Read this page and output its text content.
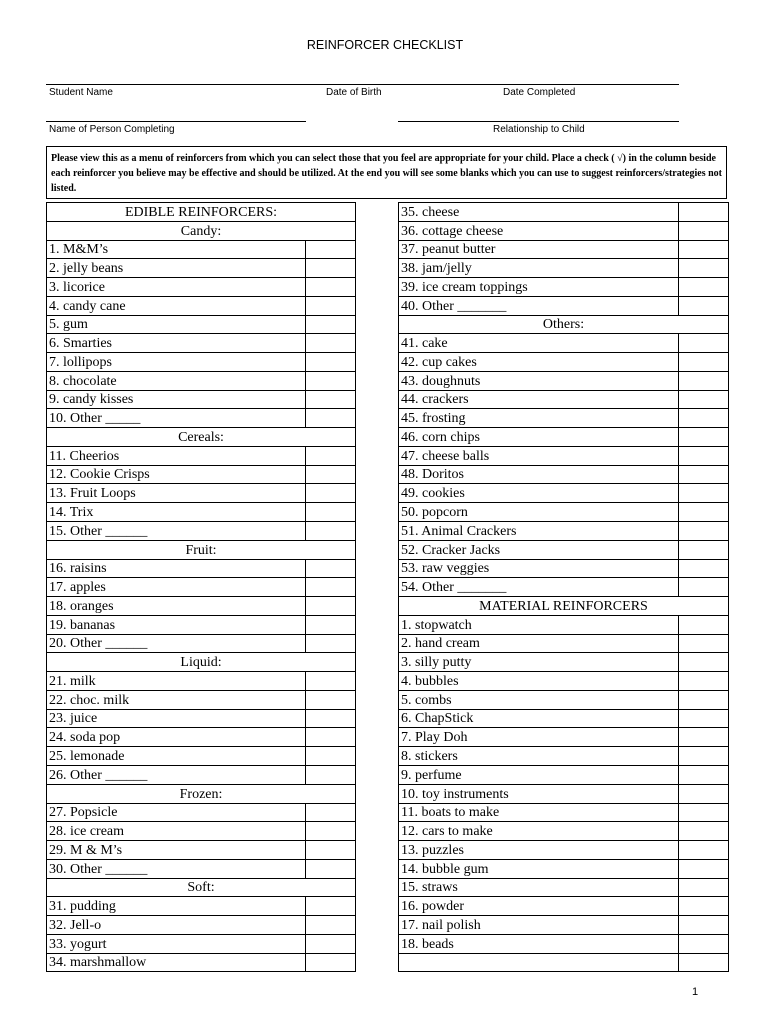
REINFORCER CHECKLIST
Student Name	Date of Birth	Date Completed
Name of Person Completing	Relationship to Child
Please view this as a menu of reinforcers from which you can select those that you feel are appropriate for your child. Place a check ( √) in the column beside each reinforcer you believe may be effective and should be utilized. At the end you will see some blanks which you can use to suggest reinforcers/strategies not listed.
EDIBLE REINFORCERS:	
Candy:	
1. M&M’s	
2. jelly beans	
3. licorice	
4. candy cane	
5. gum	
6. Smarties	
7. lollipops	
8. chocolate	
9. candy kisses	
10. Other _____	
Cereals:	
11. Cheerios	
12. Cookie Crisps	
13. Fruit Loops	
14. Trix	
15. Other ______	
Fruit:	
16. raisins	
17. apples	
18. oranges	
19. bananas	
20. Other ______	
Liquid:	
21. milk	
22. choc. milk	
23. juice	
24. soda pop	
25. lemonade	
26. Other ______	
Frozen:	
27. Popsicle	
28. ice cream	
29. M & M’s	
30. Other ______	
Soft:	
31. pudding	
32. Jell-o	
33. yogurt	
34. marshmallow	
35. cheese	
36. cottage cheese	
37. peanut butter	
38. jam/jelly	
39. ice cream toppings	
40. Other _______	
Others:	
41. cake	
42. cup cakes	
43. doughnuts	
44. crackers	
45. frosting	
46. corn chips	
47. cheese balls	
48. Doritos	
49. cookies	
50. popcorn	
51. Animal Crackers	
52. Cracker Jacks	
53. raw veggies	
54. Other _______	
MATERIAL REINFORCERS	
1. stopwatch	
2. hand cream	
3. silly putty	
4. bubbles	
5. combs	
6. ChapStick	
7. Play Doh	
8. stickers	
9. perfume	
10. toy instruments	
11. boats to make	
12. cars to make	
13. puzzles	
14. bubble gum	
15. straws	
16. powder	
17. nail polish	
18. beads	

1
